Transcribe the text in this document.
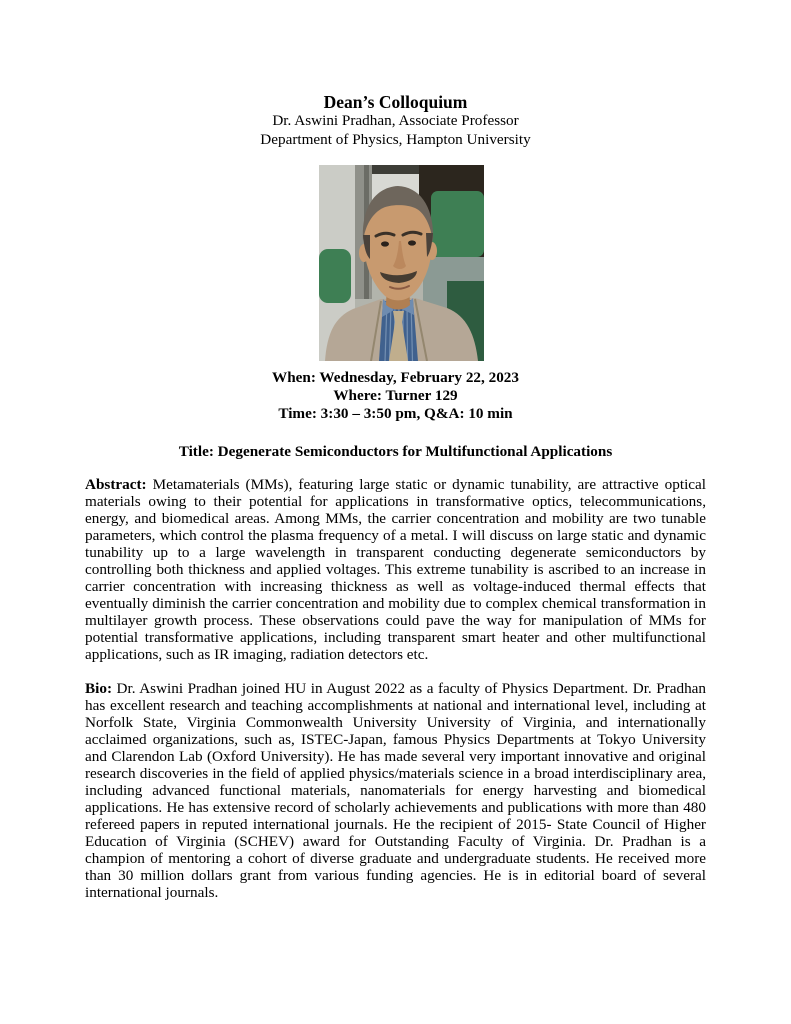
Dean’s Colloquium

Dr. Aswini Pradhan, Associate Professor

Department of Physics, Hampton University

When: Wednesday, February 22, 2023

Where: Turner 129

Time: 3:30 – 3:50 pm, Q&A: 10 min

Title: Degenerate Semiconductors for Multifunctional Applications

Abstract: Metamaterials (MMs), featuring large static or dynamic tunability, are attractive optical materials owing to their potential for applications in transformative optics, telecommunications, energy, and biomedical areas. Among MMs, the carrier concentration and mobility are two tunable parameters, which control the plasma frequency of a metal. I will discuss on large static and dynamic tunability up to a large wavelength in transparent conducting degenerate semiconductors by controlling both thickness and applied voltages. This extreme tunability is ascribed to an increase in carrier concentration with increasing thickness as well as voltage-induced thermal effects that eventually diminish the carrier concentration and mobility due to complex chemical transformation in multilayer growth process. These observations could pave the way for manipulation of MMs for potential transformative applications, including transparent smart heater and other multifunctional applications, such as IR imaging, radiation detectors etc.

Bio: Dr. Aswini Pradhan joined HU in August 2022 as a faculty of Physics Department. Dr. Pradhan has excellent research and teaching accomplishments at national and international level, including at Norfolk State, Virginia Commonwealth University University of Virginia, and internationally acclaimed organizations, such as, ISTEC-Japan, famous Physics Departments at Tokyo University and Clarendon Lab (Oxford University). He has made several very important innovative and original research discoveries in the field of applied physics/materials science in a broad interdisciplinary area, including advanced functional materials, nanomaterials for energy harvesting and biomedical applications. He has extensive record of scholarly achievements and publications with more than 480 refereed papers in reputed international journals. He the recipient of 2015- State Council of Higher Education of Virginia (SCHEV) award for Outstanding Faculty of Virginia. Dr. Pradhan is a champion of mentoring a cohort of diverse graduate and undergraduate students. He received more than 30 million dollars grant from various funding agencies. He is in editorial board of several international journals.
